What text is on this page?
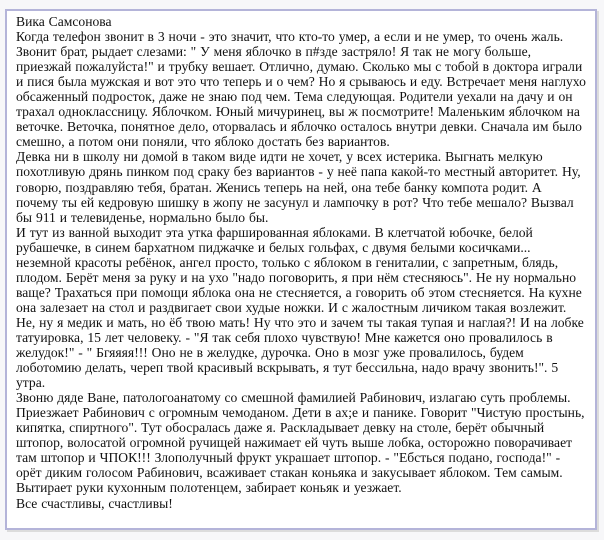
Вика Самсонова

Когда телефон звонит в 3 ночи - это значит, что кто-то умер, а если и не умер, то очень жаль. Звонит брат, рыдает слезами: " У меня яблочко в п#зде застряло! Я так не могу больше, приезжай пожалуйста!" и трубку вешает. Отлично, думаю. Сколько мы с тобой в доктора играли и пися была мужская и вот это что теперь и о чем? Но я срываюсь и еду. Встречает меня наглухо обсаженный подросток, даже не знаю под чем. Тема следующая. Родители уехали на дачу и он трахал одноклассницу. Яблочком. Юный мичуринец, вы ж посмотрите! Маленьким яблочком на веточке. Веточка, понятное дело, оторвалась и яблочко осталось внутри девки. Сначала им было смешно, а потом они поняли, что яблоко достать без вариантов.

Девка ни в школу ни домой в таком виде идти не хочет, у всех истерика. Выгнать мелкую похотливую дрянь пинком под сраку без вариантов - у неё папа какой-то местный авторитет. Ну, говорю, поздравляю тебя, братан. Женись теперь на ней, она тебе банку компота родит. А почему ты ей кедровую шишку в жопу не засунул и лампочку в рот? Что тебе мешало? Вызвал бы 911 и телевиденье, нормально было бы.

И тут из ванной выходит эта утка фаршированная яблоками. В клетчатой юбочке, белой рубашечке, в синем бархатном пиджачке и белых гольфах, с двумя белыми косичками... неземной красоты ребёнок, ангел просто, только с яблоком в гениталии, с запретным, блядь, плодом. Берёт меня за руку и на ухо "надо поговорить, я при нём стесняюсь". Не ну нормально ваще? Трахаться при помощи яблока она не стесняется, а говорить об этом стесняется. На кухне она залезает на стол и раздвигает свои худые ножки. И с жалостным личиком такая возлежит. Не, ну я медик и мать, но ёб твою мать! Ну что это и зачем ты такая тупая и наглая?! И на лобке татуировка, 15 лет человеку. - "Я так себя плохо чувствую! Мне кажется оно провалилось в желудок!" - " Бгяяяя!!! Оно не в желудке, дурочка. Оно в мозг уже провалилось, будем лоботомию делать, череп твой красивый вскрывать, я тут бессильна, надо врачу звонить!". 5 утра.

Звоню дяде Ване, патологоанатому со смешной фамилией Рабинович, излагаю суть проблемы. Приезжает Рабинович с огромным чемоданом. Дети в ах;е и панике. Говорит "Чистую простынь, кипятка, спиртного". Тут обосралась даже я. Раскладывает девку на столе, берёт обычный штопор, волосатой огромной ручищей нажимает ей чуть выше лобка, осторожно поворачивает там штопор и ЧПОК!!! Злополучный фрукт украшает штопор. - "Ебсться подано, господа!" - орёт диким голосом Рабинович, всаживает стакан коньяка и закусывает яблоком. Тем самым. Вытирает руки кухонным полотенцем, забирает коньяк и уезжает.

Все счастливы, счастливы!
